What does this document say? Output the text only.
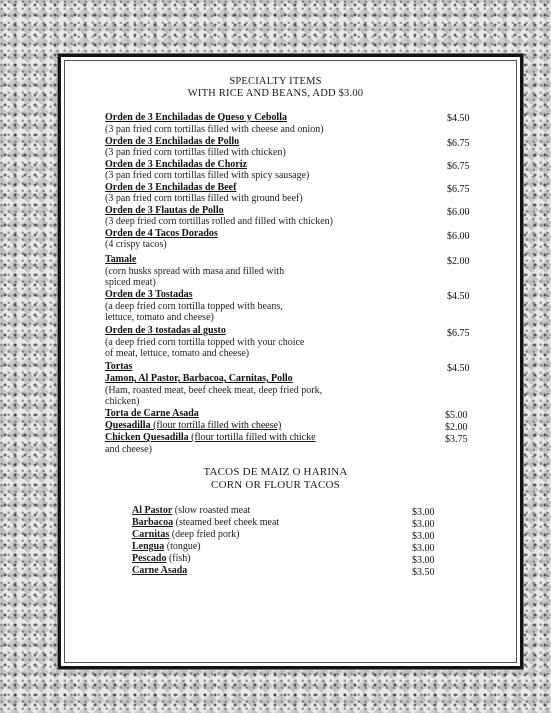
SPECIALTY ITEMS
WITH RICE AND BEANS, ADD $3.00
Orden de 3 Enchiladas de Queso y Cebolla	$4.50
(3 pan fried corn tortillas filled with cheese and onion)
Orden de 3 Enchiladas de Pollo	$6.75
(3 pan fried corn tortillas filled with chicken)
Orden de 3 Enchiladas de Choriz	$6.75
(3 pan fried corn tortillas filled with spicy sausage)
Orden de 3 Enchiladas de Beef	$6.75
(3 pan fried corn tortillas filled with ground beef)
Orden de 3 Flautas de Pollo	$6.00
(3 deep fried corn tortillas rolled and filled with chicken)
Orden de 4 Tacos Dorados	$6.00
(4 crispy tacos)
Tamale	$2.00
(corn husks spread with masa and filled with
spiced meat)
Orden de 3 Tostadas	$4.50
(a deep fried corn tortilla topped with beans,
lettuce, tomato and cheese)
Orden de 3 tostadas al gusto	$6.75
(a deep fried corn tortilla topped with your choice
of meat, lettuce, tomato and cheese)
Tortas	$4.50
Jamon, Al Pastor, Barbacoa, Carnitas, Pollo
(Ham, roasted meat, beef cheek meat, deep fried pork,
chicken)
Torta de Carne Asada	$5.00
Quesadilla (flour tortilla filled with cheese)	$2.00
Chicken Quesadilla (flour tortilla filled with chicke	$3.75
and cheese)
TACOS DE MAIZ O HARINA
CORN OR FLOUR TACOS
Al Pastor (slow roasted meat	$3.00
Barbacoa (steamed beef cheek meat	$3.00
Carnitas (deep fried pork)	$3.00
Lengua (tongue)	$3.00
Pescado (fish)	$3.00
Carne Asada	$3.50
